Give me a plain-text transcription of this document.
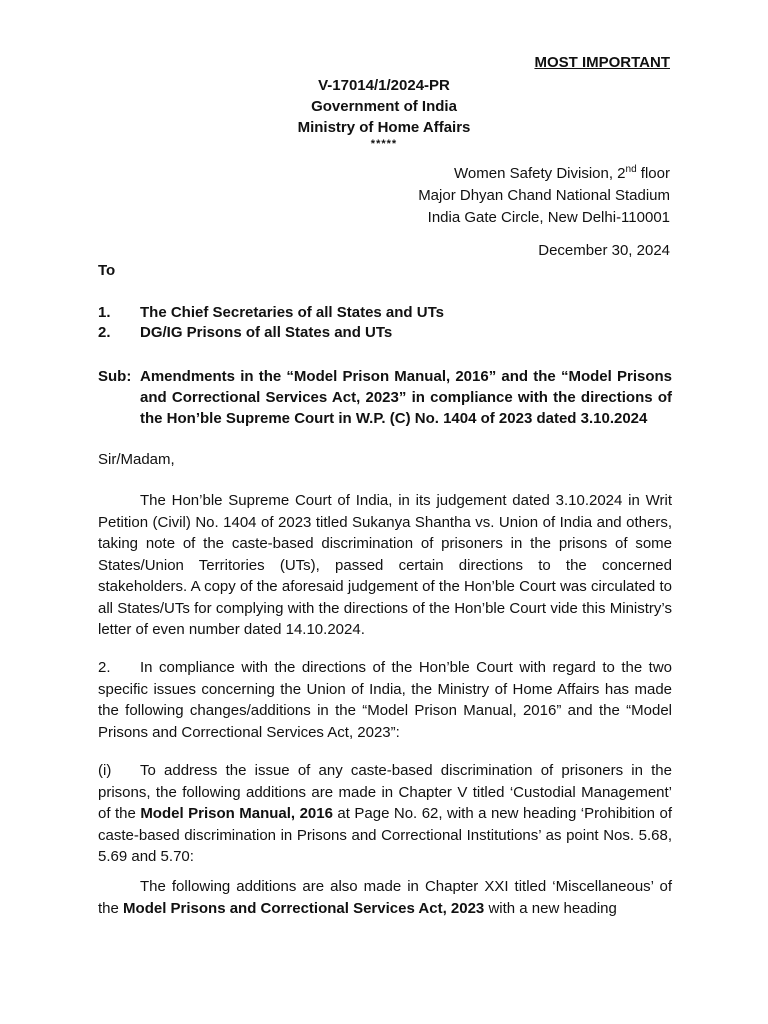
MOST IMPORTANT
V-17014/1/2024-PR
Government of India
Ministry of Home Affairs
*****
Women Safety Division, 2nd floor
Major Dhyan Chand National Stadium
India Gate Circle, New Delhi-110001
December 30, 2024
To
1. The Chief Secretaries of all States and UTs
2. DG/IG Prisons of all States and UTs
Sub: Amendments in the “Model Prison Manual, 2016” and the “Model Prisons and Correctional Services Act, 2023” in compliance with the directions of the Hon’ble Supreme Court in W.P. (C) No. 1404 of 2023 dated 3.10.2024
Sir/Madam,
The Hon’ble Supreme Court of India, in its judgement dated 3.10.2024 in Writ Petition (Civil) No. 1404 of 2023 titled Sukanya Shantha vs. Union of India and others, taking note of the caste-based discrimination of prisoners in the prisons of some States/Union Territories (UTs), passed certain directions to the concerned stakeholders. A copy of the aforesaid judgement of the Hon’ble Court was circulated to all States/UTs for complying with the directions of the Hon’ble Court vide this Ministry’s letter of even number dated 14.10.2024.
2. In compliance with the directions of the Hon’ble Court with regard to the two specific issues concerning the Union of India, the Ministry of Home Affairs has made the following changes/additions in the “Model Prison Manual, 2016” and the “Model Prisons and Correctional Services Act, 2023”:
(i) To address the issue of any caste-based discrimination of prisoners in the prisons, the following additions are made in Chapter V titled ‘Custodial Management’ of the Model Prison Manual, 2016 at Page No. 62, with a new heading ‘Prohibition of caste-based discrimination in Prisons and Correctional Institutions’ as point Nos. 5.68, 5.69 and 5.70:
The following additions are also made in Chapter XXI titled ‘Miscellaneous’ of the Model Prisons and Correctional Services Act, 2023 with a new heading
